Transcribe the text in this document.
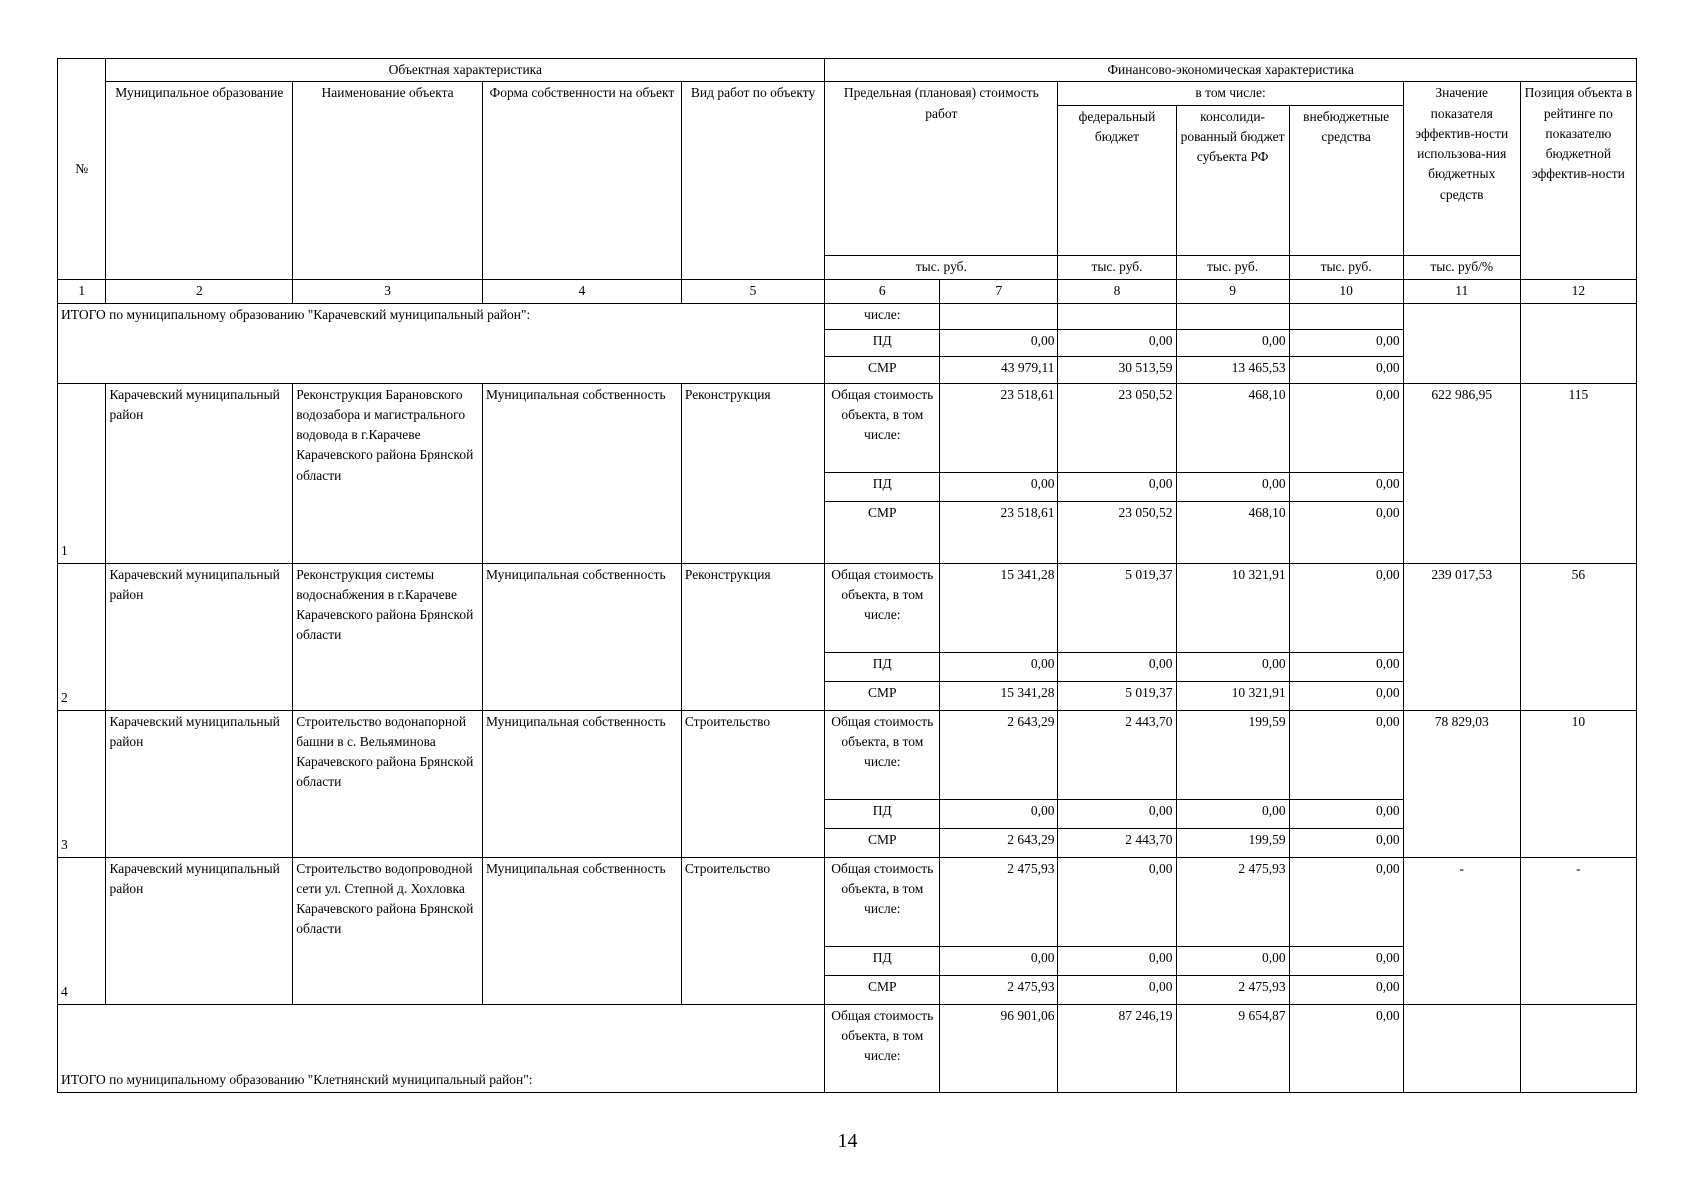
№	Объектная характеристика				Финансово-экономическая характеристика						
	Муниципальное образование	Наименование объекта	Форма собственности на объект	Вид работ по объекту	Предельная (плановая) стоимость работ		в том числе:			Значение показателя эффектив-ности использова-ния бюджетных средств	Позиция объекта в рейтинге по показателю бюджетной эффектив-ности
							федеральный бюджет	консолиди-рованный бюджет субъекта РФ	внебюджетные средства		
					тыс. руб.		тыс. руб.	тыс. руб.	тыс. руб.	тыс. руб/%	
1	2	3	4	5	6	7	8	9	10	11	12
ИТОГО по муниципальному образованию "Карачевский муниципальный район":					числе:						
					ПД	0,00	0,00	0,00	0,00		
					СМР	43 979,11	30 513,59	13 465,53	0,00		
1	Карачевский муниципальный район	Реконструкция Барановского водозабора и магистрального водовода в г.Карачеве Карачевского района Брянской области	Муниципальная собственность	Реконструкция	Общая стоимость объекта, в том числе:	23 518,61	23 050,52	468,10	0,00	622 986,95	115
					ПД	0,00	0,00	0,00	0,00		
					СМР	23 518,61	23 050,52	468,10	0,00		
2	Карачевский муниципальный район	Реконструкция системы водоснабжения в г.Карачеве Карачевского района Брянской области	Муниципальная собственность	Реконструкция	Общая стоимость объекта, в том числе:	15 341,28	5 019,37	10 321,91	0,00	239 017,53	56
					ПД	0,00	0,00	0,00	0,00		
					СМР	15 341,28	5 019,37	10 321,91	0,00		
3	Карачевский муниципальный район	Строительство водонапорной башни в с. Вельяминова Карачевского района Брянской области	Муниципальная собственность	Строительство	Общая стоимость объекта, в том числе:	2 643,29	2 443,70	199,59	0,00	78 829,03	10
					ПД	0,00	0,00	0,00	0,00		
					СМР	2 643,29	2 443,70	199,59	0,00		
4	Карачевский муниципальный район	Строительство водопроводной сети ул. Степной д. Хохловка Карачевского района Брянской области	Муниципальная собственность	Строительство	Общая стоимость объекта, в том числе:	2 475,93	0,00	2 475,93	0,00	-	-
					ПД	0,00	0,00	0,00	0,00		
					СМР	2 475,93	0,00	2 475,93	0,00		
ИТОГО по муниципальному образованию "Клетнянский муниципальный район":					Общая стоимость объекта, в том числе:	96 901,06	87 246,19	9 654,87	0,00		
14
